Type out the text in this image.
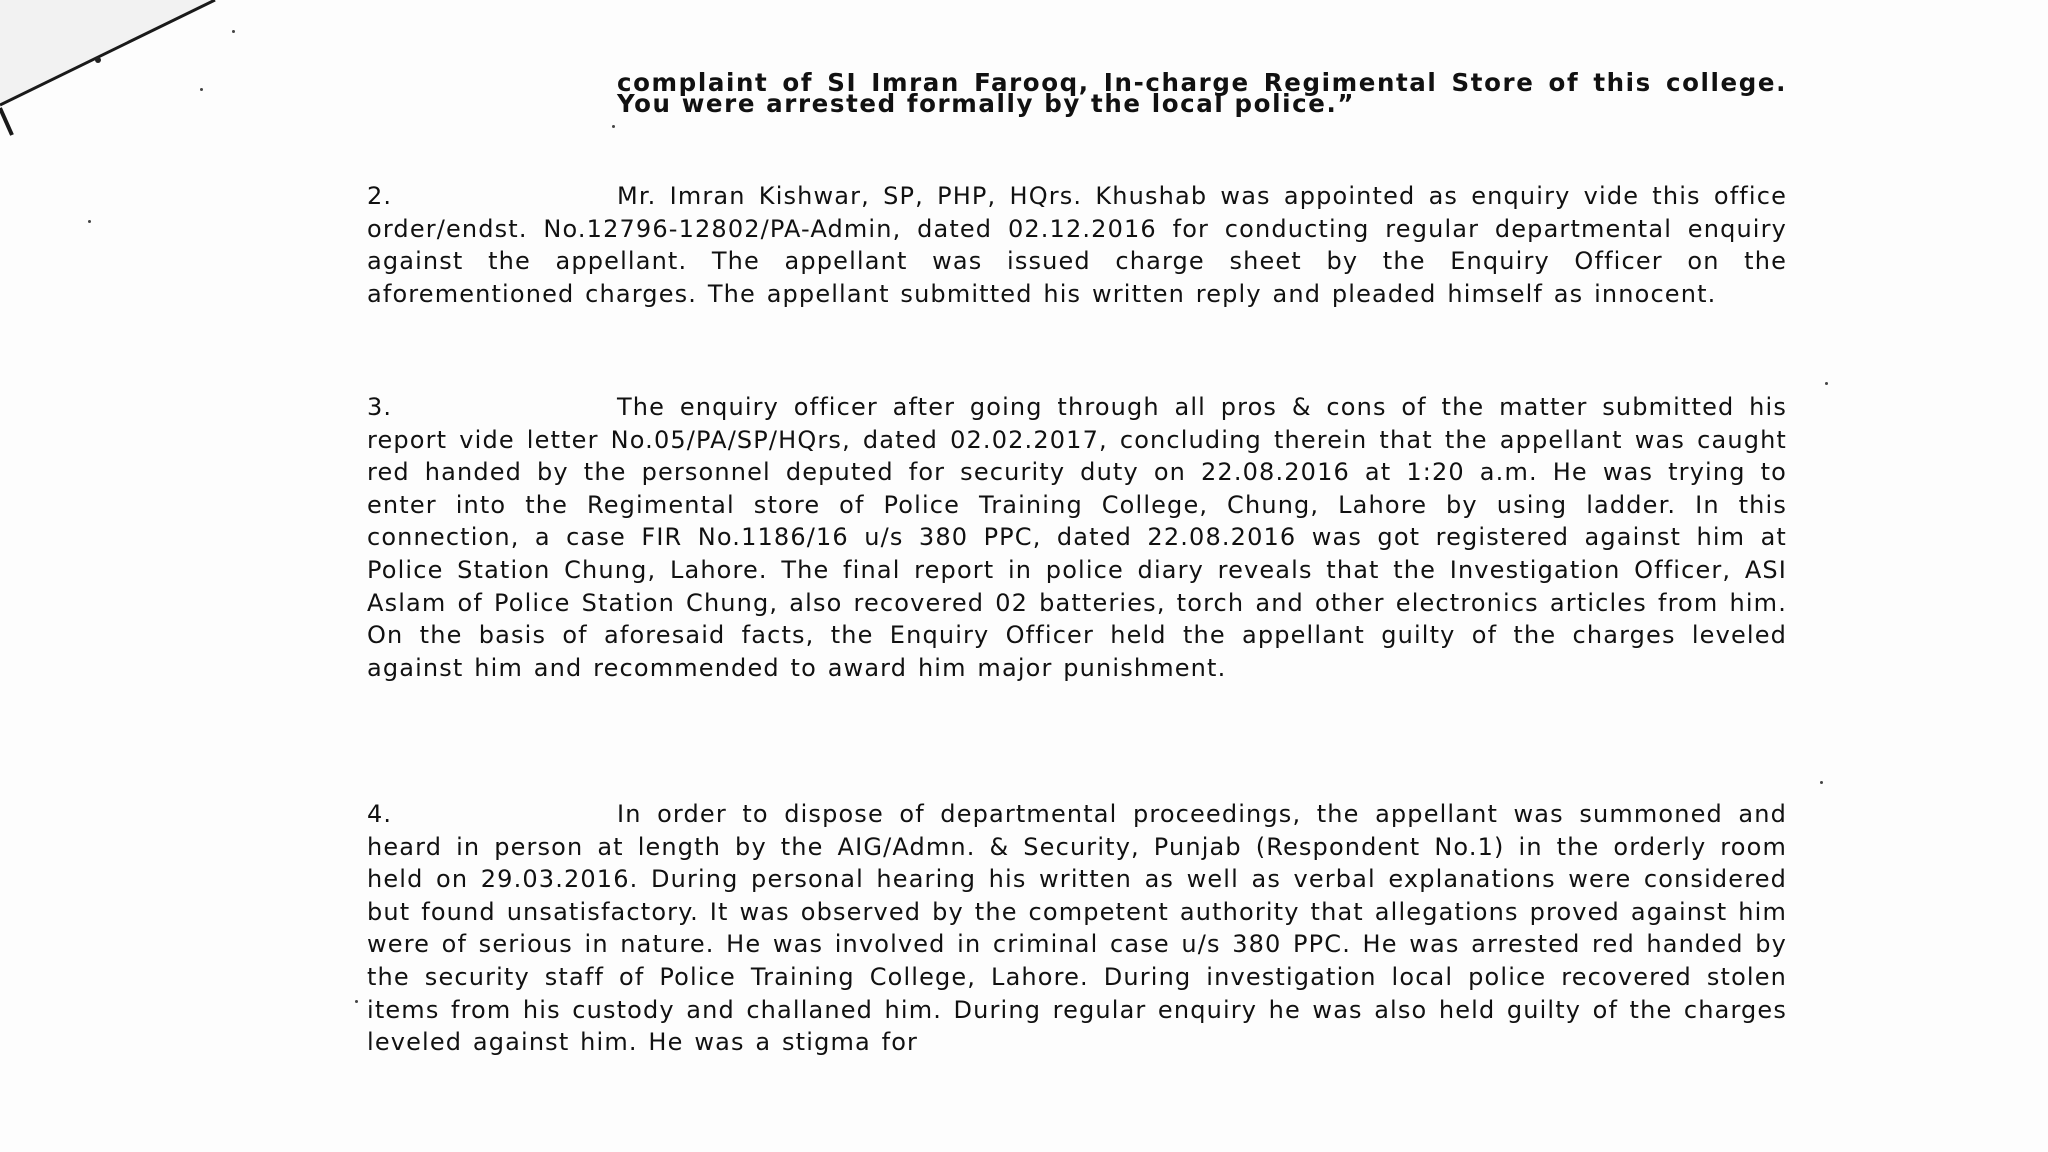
complaint of SI Imran Farooq, In-charge Regimental Store of this college. You were arrested formally by the local police.”
2.	Mr. Imran Kishwar, SP, PHP, HQrs. Khushab was appointed as enquiry vide this office order/endst. No.12796-12802/PA-Admin, dated 02.12.2016 for conducting regular departmental enquiry against the appellant. The appellant was issued charge sheet by the Enquiry Officer on the aforementioned charges. The appellant submitted his written reply and pleaded himself as innocent.
3.	The enquiry officer after going through all pros & cons of the matter submitted his report vide letter No.05/PA/SP/HQrs, dated 02.02.2017, concluding therein that the appellant was caught red handed by the personnel deputed for security duty on 22.08.2016 at 1:20 a.m. He was trying to enter into the Regimental store of Police Training College, Chung, Lahore by using ladder. In this connection, a case FIR No.1186/16 u/s 380 PPC, dated 22.08.2016 was got registered against him at Police Station Chung, Lahore. The final report in police diary reveals that the Investigation Officer, ASI Aslam of Police Station Chung, also recovered 02 batteries, torch and other electronics articles from him. On the basis of aforesaid facts, the Enquiry Officer held the appellant guilty of the charges leveled against him and recommended to award him major punishment.
4.	In order to dispose of departmental proceedings, the appellant was summoned and heard in person at length by the AIG/Admn. & Security, Punjab (Respondent No.1) in the orderly room held on 29.03.2016. During personal hearing his written as well as verbal explanations were considered but found unsatisfactory. It was observed by the competent authority that allegations proved against him were of serious in nature. He was involved in criminal case u/s 380 PPC. He was arrested red handed by the security staff of Police Training College, Lahore. During investigation local police recovered stolen items from his custody and challaned him. During regular enquiry he was also held guilty of the charges leveled against him. He was a stigma for
